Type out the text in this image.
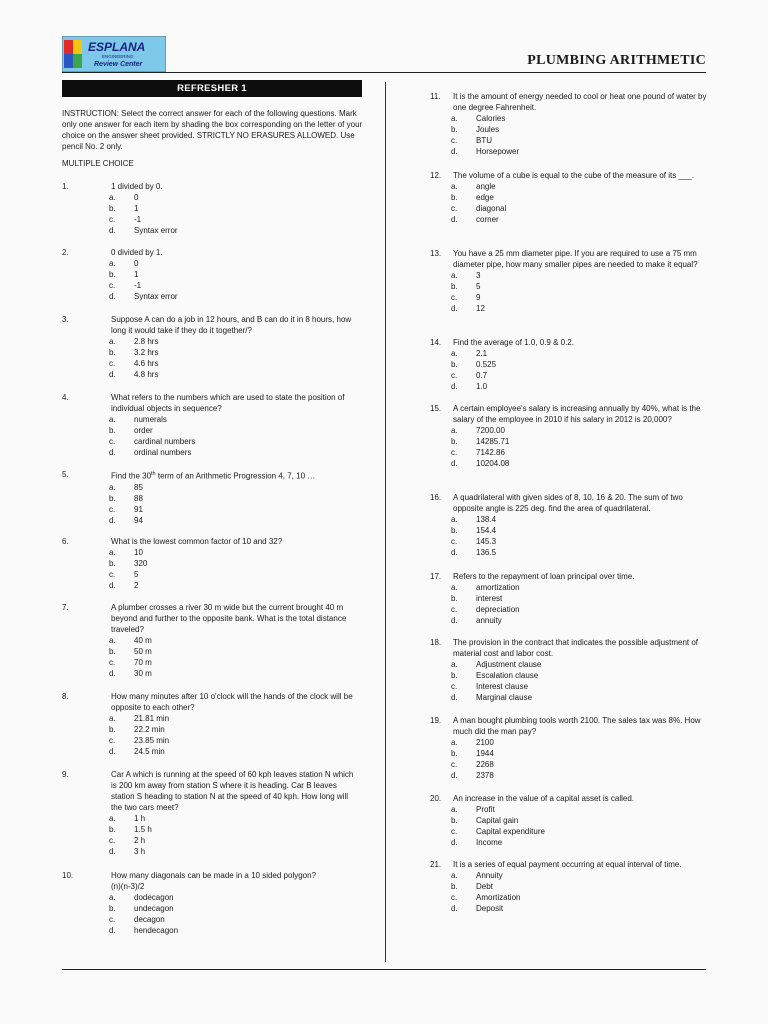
ESPLANA
ENGINEERING
Review Center	PLUMBING ARITHMETIC
REFRESHER 1
INSTRUCTION: Select the correct answer for each of the following questions. Mark only one answer for each item by shading the box corresponding on the letter of your choice on the answer sheet provided. STRICTLY NO ERASURES ALLOWED. Use pencil No. 2 only.
MULTIPLE CHOICE
1.	1 divided by 0.
a. 0
b. 1
c. -1
d. Syntax error
2.	0 divided by 1.
a. 0
b. 1
c. -1
d. Syntax error
3.	Suppose A can do a job in 12 hours, and B can do it in 8 hours, how long it would take if they do it together/?
a. 2.8 hrs
b. 3.2 hrs
c. 4.6 hrs
d. 4.8 hrs
4.	What refers to the numbers which are used to state the position of individual objects in sequence?
a. numerals
b. order
c. cardinal numbers
d. ordinal numbers
5.	Find the 30th term of an Arithmetic Progression 4, 7, 10 …
a. 85
b. 88
c. 91
d. 94
6.	What is the lowest common factor of 10 and 32?
a. 10
b. 320
c. 5
d. 2
7.	A plumber crosses a river 30 m wide but the current brought 40 m beyond and further to the opposite bank. What is the total distance traveled?
a. 40 m
b. 50 m
c. 70 m
d. 30 m
8.	How many minutes after 10 o'clock will the hands of the clock will be opposite to each other?
a. 21.81 min
b. 22.2 min
c. 23.85 min
d. 24.5 min
9.	Car A which is running at the speed of 60 kph leaves station N which is 200 km away from station S where it is heading. Car B leaves station S heading to station N at the speed of 40 kph. How long will the two cars meet?
a. 1 h
b. 1.5 h
c. 2 h
d. 3 h
10.	How many diagonals can be made in a 10 sided polygon?
(n)(n-3)/2
a. dodecagon
b. undecagon
c. decagon
d. hendecagon
11. It is the amount of energy needed to cool or heat one pound of water by one degree Fahrenheit.
a. Calories
b. Joules
c. BTU
d. Horsepower
12. The volume of a cube is equal to the cube of the measure of its ___.
a. angle
b. edge
c. diagonal
d. corner
13. You have a 25 mm diameter pipe. If you are required to use a 75 mm diameter pipe, how many smaller pipes are needed to make it equal?
a. 3
b. 5
c. 9
d. 12
14. Find the average of 1.0, 0.9 & 0.2.
a. 2.1
b. 0.525
c. 0.7
d. 1.0
15. A certain employee's salary is increasing annually by 40%, what is the salary of the employee in 2010 if his salary in 2012 is 20,000?
a. 7200.00
b. 14285.71
c. 7142.86
d. 10204.08
16. A quadrilateral with given sides of 8, 10, 16 & 20. The sum of two opposite angle is 225 deg. find the area of quadrilateral.
a. 138.4
b. 154.4
c. 145.3
d. 136.5
17. Refers to the repayment of loan principal over time.
a. amortization
b. interest
c. depreciation
d. annuity
18. The provision in the contract that indicates the possible adjustment of material cost and labor cost.
a. Adjustment clause
b. Escalation clause
c. Interest clause
d. Marginal clause
19. A man bought plumbing tools worth 2100. The sales tax was 8%. How much did the man pay?
a. 2100
b. 1944
c. 2268
d. 2378
20. An increase in the value of a capital asset is called.
a. Profit
b. Capital gain
c. Capital expenditure
d. Income
21. It is a series of equal payment occurring at equal interval of time.
a. Annuity
b. Debt
c. Amortization
d. Deposit
